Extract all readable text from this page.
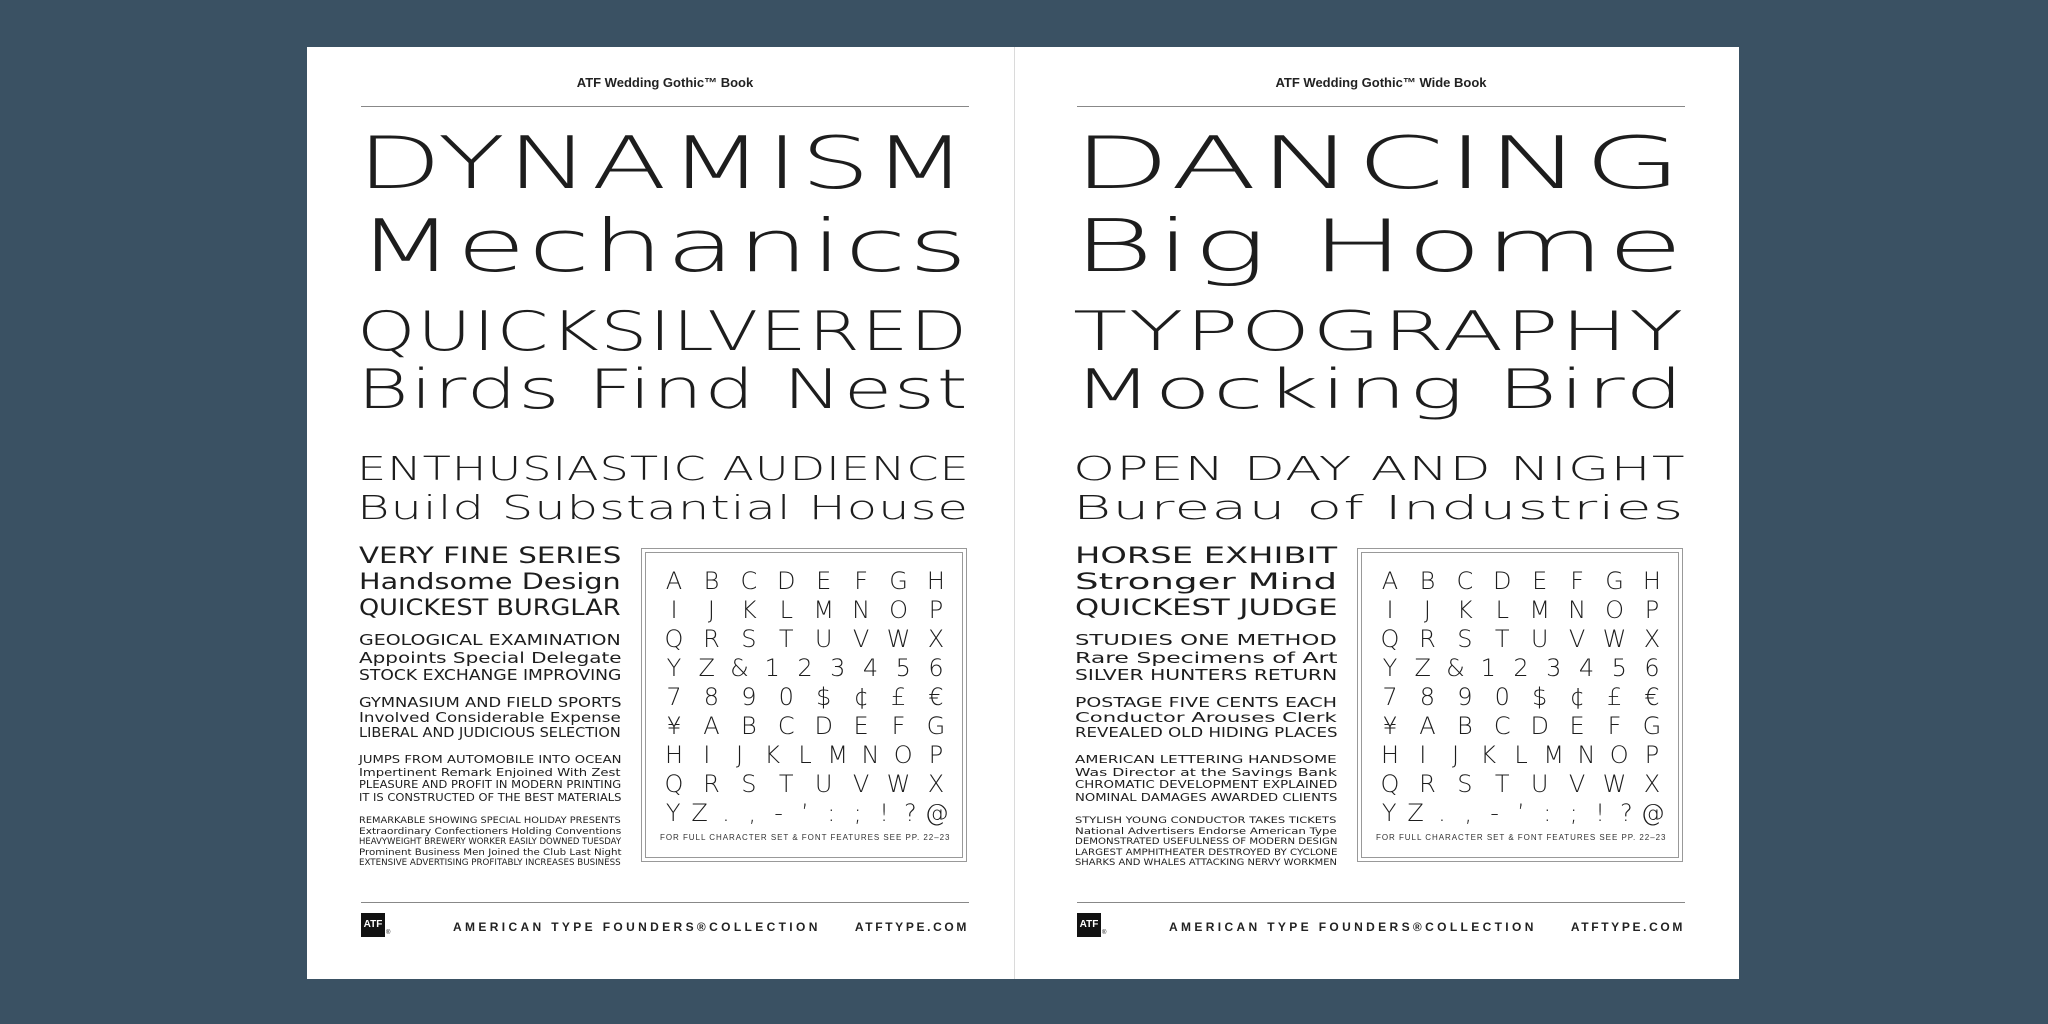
ATF Wedding Gothic™ Book
DYNAMISM
Mechanics
QUICKSILVERED
Birds Find Nest
ENTHUSIASTIC AUDIENCE
Build Substantial House
VERY FINE SERIES
Handsome Design
QUICKEST BURGLAR
GEOLOGICAL EXAMINATION
Appoints Special Delegate
STOCK EXCHANGE IMPROVING
GYMNASIUM AND FIELD SPORTS
Involved Considerable Expense
LIBERAL AND JUDICIOUS SELECTION
JUMPS FROM AUTOMOBILE INTO OCEAN
Impertinent Remark Enjoined With Zest
PLEASURE AND PROFIT IN MODERN PRINTING
IT IS CONSTRUCTED OF THE BEST MATERIALS
REMARKABLE SHOWING SPECIAL HOLIDAY PRESENTS
Extraordinary Confectioners Holding Conventions
HEAVYWEIGHT BREWERY WORKER EASILY DOWNED TUESDAY
Prominent Business Men Joined the Club Last Night
EXTENSIVE ADVERTISING PROFITABLY INCREASES BUSINESS
A B C D E F G H
I	J	K L M N O P
Q R S T U V W X
Y Z & 1 2 3 4 5 6
7 8 9 0 $ ¢ £ €
¥ A B C D E F G
H I	J K L M N O P
Q R S T U V W X
Y Z . , - ’ : ; ! ? @
FOR FULL CHARACTER SET & FONT FEATURES SEE PP. 22–23
ATF
®	AMERICAN TYPE FOUNDERS®COLLECTION	ATFTYPE.COM
ATF Wedding Gothic™ Wide Book
DANCING
Big Home
TYPOGRAPHY
Mocking Bird
OPEN DAY AND NIGHT
Bureau of Industries
HORSE EXHIBIT
Stronger Mind
QUICKEST JUDGE
STUDIES ONE METHOD
Rare Specimens of Art
SILVER HUNTERS RETURN
POSTAGE FIVE CENTS EACH
Conductor Arouses Clerk
REVEALED OLD HIDING PLACES
AMERICAN LETTERING HANDSOME
Was Director at the Savings Bank
CHROMATIC DEVELOPMENT EXPLAINED
NOMINAL DAMAGES AWARDED CLIENTS
STYLISH YOUNG CONDUCTOR TAKES TICKETS
National Advertisers Endorse American Type
DEMONSTRATED USEFULNESS OF MODERN DESIGN
LARGEST AMPHITHEATER DESTROYED BY CYCLONE
SHARKS AND WHALES ATTACKING NERVY WORKMEN
A B C D E F G H
I	J	K L M N O P
Q R S T U V W X
Y Z & 1 2 3 4 5 6
7 8 9 0 $ ¢ £ €
¥ A B C D E F G
H I	J K L M N O P
Q R S T U V W X
Y Z . , - ’ : ; ! ? @
FOR FULL CHARACTER SET & FONT FEATURES SEE PP. 22–23
ATF
®	AMERICAN TYPE FOUNDERS®COLLECTION	ATFTYPE.COM
